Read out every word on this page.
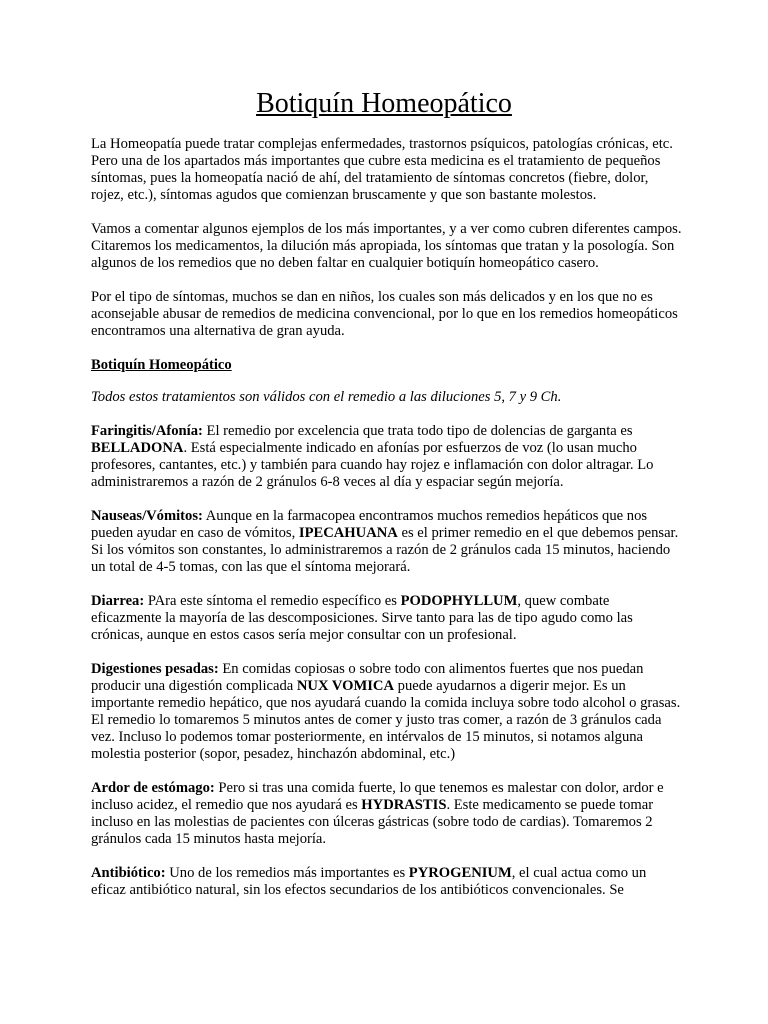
Botiquín Homeopático

La Homeopatía puede tratar complejas enfermedades, trastornos psíquicos, patologías crónicas, etc. Pero una de los apartados más importantes que cubre esta medicina es el tratamiento de pequeños síntomas, pues la homeopatía nació de ahí, del tratamiento de síntomas concretos (fiebre, dolor, rojez, etc.), síntomas agudos que comienzan bruscamente y que son bastante molestos.

Vamos a comentar algunos ejemplos de los más importantes, y a ver como cubren diferentes campos. Citaremos los medicamentos, la dilución más apropiada, los síntomas que tratan y la posología. Son algunos de los remedios que no deben faltar en cualquier botiquín homeopático casero.

Por el tipo de síntomas, muchos se dan en niños, los cuales son más delicados y en los que no es aconsejable abusar de remedios de medicina convencional, por lo que en los remedios homeopáticos encontramos una alternativa de gran ayuda.

Botiquín Homeopático

Todos estos tratamientos son válidos con el remedio a las diluciones 5, 7 y 9 Ch.

Faringitis/Afonía: El remedio por excelencia que trata todo tipo de dolencias de garganta es BELLADONA. Está especialmente indicado en afonías por esfuerzos de voz (lo usan mucho profesores, cantantes, etc.) y también para cuando hay rojez e inflamación con dolor altragar. Lo administraremos a razón de 2 gránulos 6-8 veces al día y espaciar según mejoría.

Nauseas/Vómitos: Aunque en la farmacopea encontramos muchos remedios hepáticos que nos pueden ayudar en caso de vómitos, IPECAHUANA es el primer remedio en el que debemos pensar. Si los vómitos son constantes, lo administraremos a razón de 2 gránulos cada 15 minutos, haciendo un total de 4-5 tomas, con las que el síntoma mejorará.

Diarrea: PAra este síntoma el remedio específico es PODOPHYLLUM, quew combate eficazmente la mayoría de las descomposiciones. Sirve tanto para las de tipo agudo como las crónicas, aunque en estos casos sería mejor consultar con un profesional.

Digestiones pesadas: En comidas copiosas o sobre todo con alimentos fuertes que nos puedan producir una digestión complicada NUX VOMICA puede ayudarnos a digerir mejor. Es un importante remedio hepático, que nos ayudará cuando la comida incluya sobre todo alcohol o grasas. El remedio lo tomaremos 5 minutos antes de comer y justo tras comer, a razón de 3 gránulos cada vez. Incluso lo podemos tomar posteriormente, en intérvalos de 15 minutos, si notamos alguna molestia posterior (sopor, pesadez, hinchazón abdominal, etc.)

Ardor de estómago: Pero si tras una comida fuerte, lo que tenemos es malestar con dolor, ardor e incluso acidez, el remedio que nos ayudará es HYDRASTIS. Este medicamento se puede tomar incluso en las molestias de pacientes con úlceras gástricas (sobre todo de cardias). Tomaremos 2 gránulos cada 15 minutos hasta mejoría.

Antibiótico: Uno de los remedios más importantes es PYROGENIUM, el cual actua como un eficaz antibiótico natural, sin los efectos secundarios de los antibióticos convencionales. Se
